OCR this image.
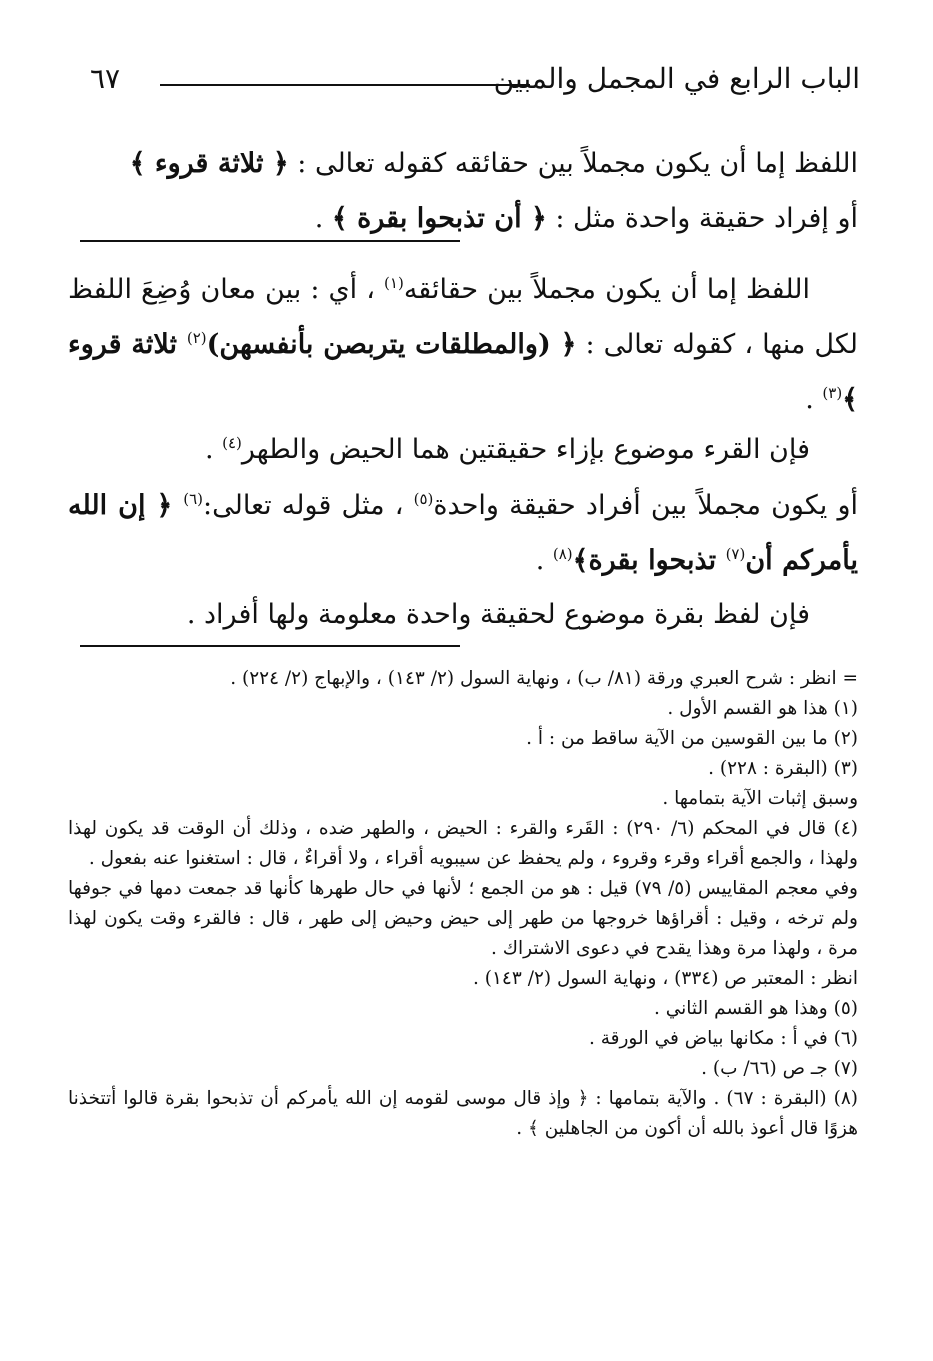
الباب الرابع في المجمل والمبين
٦٧
اللفظ إما أن يكون مجملاً بين حقائقه كقوله تعالى : ﴿ ثلاثة قروء ﴾
أو إفراد حقيقة واحدة مثل : ﴿ أن تذبحوا بقرة ﴾ .
اللفظ إما أن يكون مجملاً بين حقائقه$^{(١)}$ ، أي : بين معان وُضِعَ اللفظ لكل منها ، كقوله تعالى : ﴿ (والمطلقات يتربصن بأنفسهن)$^{(٢)}$ ثلاثة قروء ﴾$^{(٣)}$ .
فإن القرء موضوع بإزاء حقيقتين هما الحيض والطهر$^{(٤)}$ .
أو يكون مجملاً بين أفراد حقيقة واحدة$^{(٥)}$ ، مثل قوله تعالى:$^{(٦)}$ ﴿ إن الله يأمركم أن$^{(٧)}$ تذبحوا بقرة﴾$^{(٨)}$ .
فإن لفظ بقرة موضوع لحقيقة واحدة معلومة ولها أفراد .
= انظر : شرح العبري ورقة (٨١/ ب) ، ونهاية السول (٢/ ١٤٣) ، والإبهاج (٢/ ٢٢٤) .
(١) هذا هو القسم الأول .
(٢) ما بين القوسين من الآية ساقط من : أ .
(٣) (البقرة : ٢٢٨) .
وسبق إثبات الآية بتمامها .
(٤) قال في المحكم (٦/ ٢٩٠) : القَرء والقرء : الحيض ، والطهر ضده ، وذلك أن الوقت قد يكون لهذا ولهذا ، والجمع أقراء وقرء وقروء ، ولم يحفظ عن سيبويه أقراء ، ولا أقراءٌ ، قال : استغنوا عنه بفعول .
وفي معجم المقاييس (٥/ ٧٩) قيل : هو من الجمع ؛ لأنها في حال طهرها كأنها قد جمعت دمها في جوفها ولم ترخه ، وقيل : أقراؤها خروجها من طهر إلى حيض وحيض إلى طهر ، قال : فالقرء وقت يكون لهذا مرة ، ولهذا مرة وهذا يقدح في دعوى الاشتراك .
انظر : المعتبر ص (٣٣٤) ، ونهاية السول (٢/ ١٤٣) .
(٥) وهذا هو القسم الثاني .
(٦) في أ : مكانها بياض في الورقة .
(٧) جـ ص (٦٦/ ب) .
(٨) (البقرة : ٦٧) . والآية بتمامها : ﴿ وإذ قال موسى لقومه إن الله يأمركم أن تذبحوا بقرة قالوا أتتخذنا هزوًا قال أعوذ بالله أن أكون من الجاهلين ﴾ .
